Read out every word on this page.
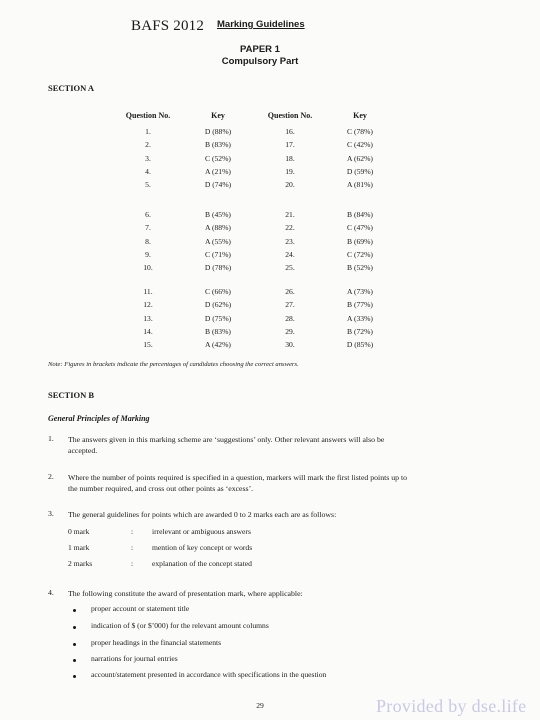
BAFS 2012 Marking Guidelines
PAPER 1
Compulsory Part
SECTION A
Question No.	Key	Question No.	Key
1.	D (88%)	16.	C (78%)
2.	B (83%)	17.	C (42%)
3.	C (52%)	18.	A (62%)
4.	A (21%)	19.	D (59%)
5.	D (74%)	20.	A (81%)
6.	B (45%)	21.	B (84%)
7.	A (88%)	22.	C (47%)
8.	A (55%)	23.	B (69%)
9.	C (71%)	24.	C (72%)
10.	D (78%)	25.	B (52%)
11.	C (66%)	26.	A (73%)
12.	D (62%)	27.	B (77%)
13.	D (75%)	28.	A (33%)
14.	B (83%)	29.	B (72%)
15.	A (42%)	30.	D (85%)
Note: Figures in brackets indicate the percentages of candidates choosing the correct answers.
SECTION B
General Principles of Marking
1. The answers given in this marking scheme are ‘suggestions’ only. Other relevant answers will also be
accepted.
2. Where the number of points required is specified in a question, markers will mark the first listed points up to
the number required, and cross out other points as ‘excess’.
3. The general guidelines for points which are awarded 0 to 2 marks each are as follows:
0 mark	: irrelevant or ambiguous answers
1 mark	: mention of key concept or words
2 marks	: explanation of the concept stated
4. The following constitute the award of presentation mark, where applicable:
proper account or statement title
indication of $ (or $’000) for the relevant amount columns
proper headings in the financial statements
narrations for journal entries
account/statement presented in accordance with specifications in the question
29	Provided by dse.life
